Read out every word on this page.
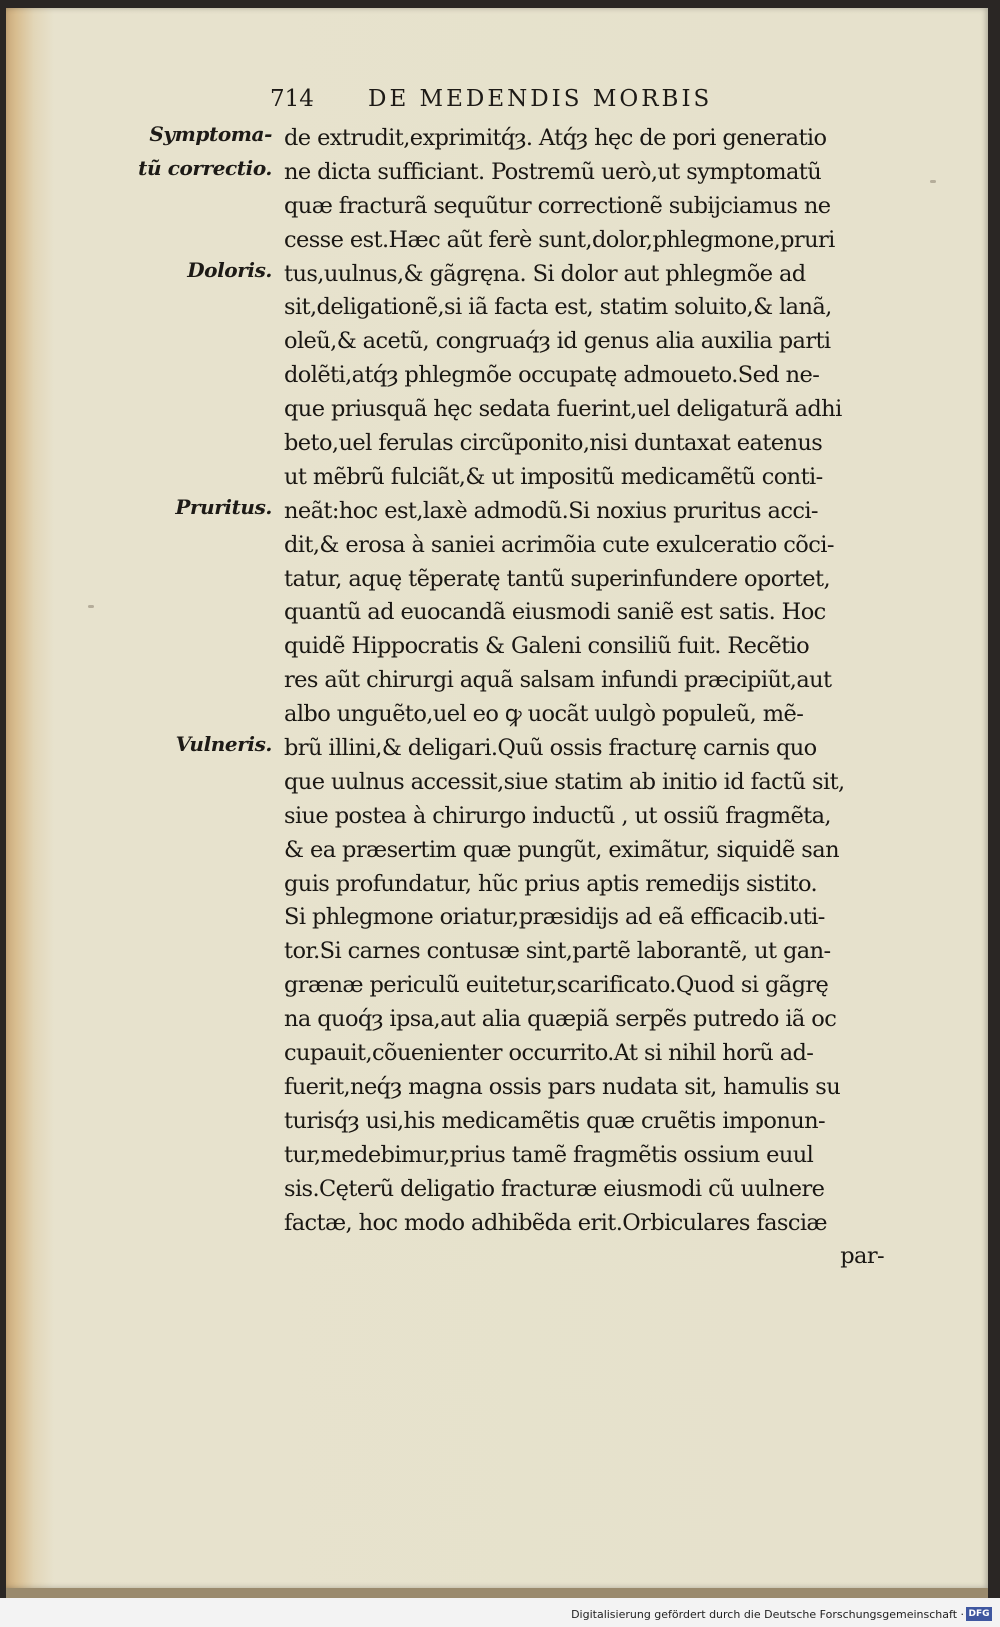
714 DE MEDENDIS MORBIS
Symptoma-
tũ correctio.
Doloris.
Pruritus.
Vulneris.
de extrudit,exprimitq́ȝ. Atq́ȝ hęc de pori generatio
ne dicta sufficiant. Postremũ uerò,ut symptomatũ
quæ fracturã sequũtur correctionẽ subijciamus ne
cesse est.Hæc aũt ferè sunt,dolor,phlegmone,pruri
tus,uulnus,& gãgręna. Si dolor aut phlegmõe ad
sit,deligationẽ,si iã facta est, statim soluito,& lanã,
oleũ,& acetũ, congruaq́ȝ id genus alia auxilia parti
dolẽti,atq́ȝ phlegmõe occupatę admoueto.Sed ne-
que priusquã hęc sedata fuerint,uel deligaturã adhi
beto,uel ferulas circũponito,nisi duntaxat eatenus
ut mẽbrũ fulciãt,& ut impositũ medicamẽtũ conti-
neãt:hoc est,laxè admodũ.Si noxius pruritus acci-
dit,& erosa à saniei acrimõia cute exulceratio cõci-
tatur, aquę tẽperatę tantũ superinfundere oportet,
quantũ ad euocandã eiusmodi saniẽ est satis. Hoc
quidẽ Hippocratis & Galeni consiliũ fuit. Recẽtio
res aũt chirurgi aquã salsam infundi præcipiũt,aut
albo unguẽto,uel eo ꝙ uocãt uulgò populeũ, mẽ-
brũ illini,& deligari.Quũ ossis fracturę carnis quo
que uulnus accessit,siue statim ab initio id factũ sit,
siue postea à chirurgo inductũ , ut ossiũ fragmẽta,
& ea præsertim quæ pungũt, eximãtur, siquidẽ san
guis profundatur, hũc prius aptis remedijs sistito.
Si phlegmone oriatur,præsidijs ad eã efficacib.uti-
tor.Si carnes contusæ sint,partẽ laborantẽ, ut gan-
grænæ periculũ euitetur,scarificato.Quod si gãgrę
na quoq́ȝ ipsa,aut alia quæpiã serpẽs putredo iã oc
cupauit,cõuenienter occurrito.At si nihil horũ ad-
fuerit,neq́ȝ magna ossis pars nudata sit, hamulis su
turisq́ȝ usi,his medicamẽtis quæ cruẽtis imponun-
tur,medebimur,prius tamẽ fragmẽtis ossium euul
sis.Cęterũ deligatio fracturæ eiusmodi cũ uulnere
factæ, hoc modo adhibẽda erit.Orbiculares fasciæ
par-
Digitalisierung gefördert durch die Deutsche Forschungsgemeinschaft · DFG
